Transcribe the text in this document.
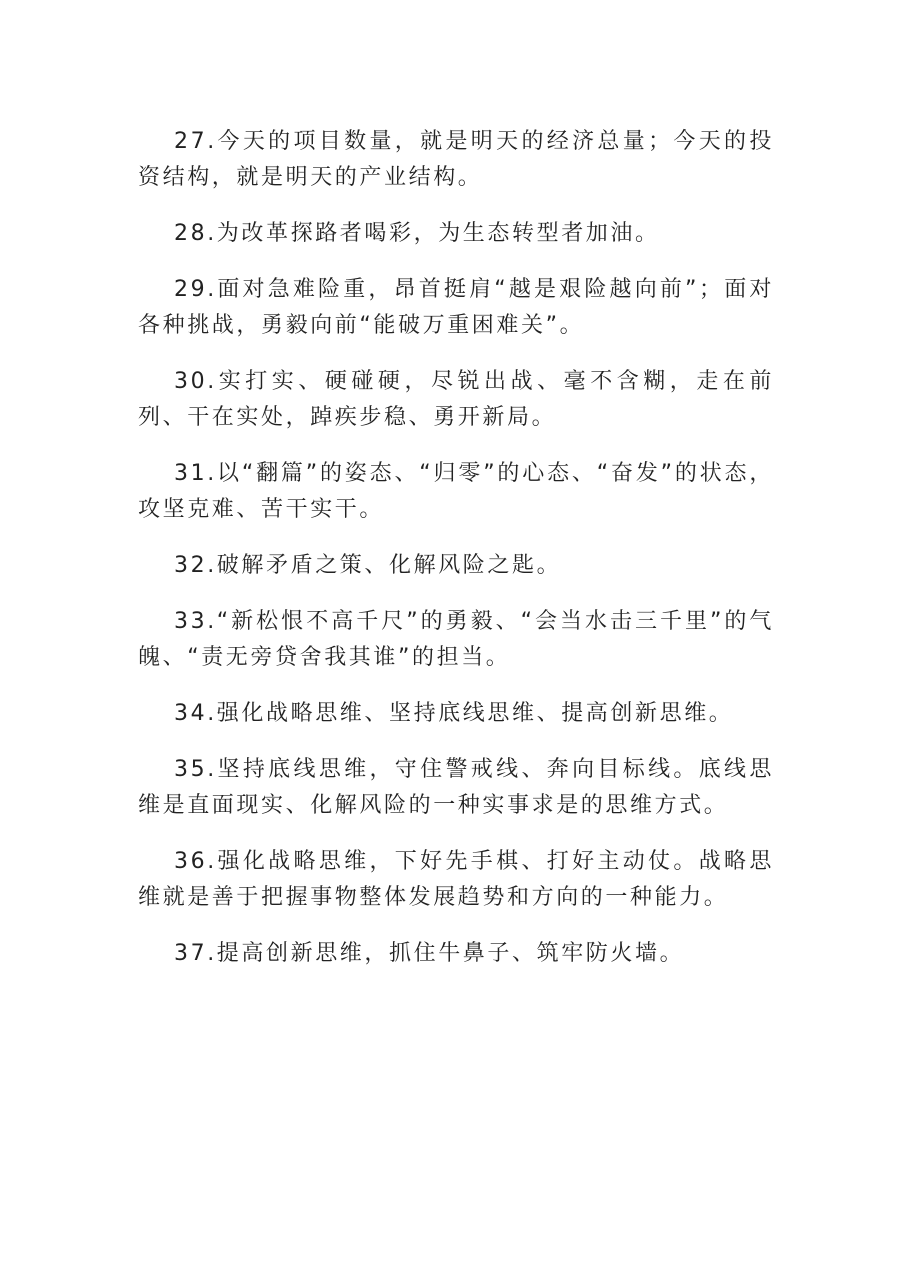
27.今天的项目数量，就是明天的经济总量；今天的投资结构，就是明天的产业结构。

28.为改革探路者喝彩，为生态转型者加油。

29.面对急难险重，昂首挺肩“越是艰险越向前”；面对各种挑战，勇毅向前“能破万重困难关”。

30.实打实、硬碰硬，尽锐出战、毫不含糊，走在前列、干在实处，踔疾步稳、勇开新局。

31.以“翻篇”的姿态、“归零”的心态、“奋发”的状态，攻坚克难、苦干实干。

32.破解矛盾之策、化解风险之匙。

33.“新松恨不高千尺”的勇毅、“会当水击三千里”的气魄、“责无旁贷舍我其谁”的担当。

34.强化战略思维、坚持底线思维、提高创新思维。

35.坚持底线思维，守住警戒线、奔向目标线。底线思维是直面现实、化解风险的一种实事求是的思维方式。

36.强化战略思维，下好先手棋、打好主动仗。战略思维就是善于把握事物整体发展趋势和方向的一种能力。

37.提高创新思维，抓住牛鼻子、筑牢防火墙。
